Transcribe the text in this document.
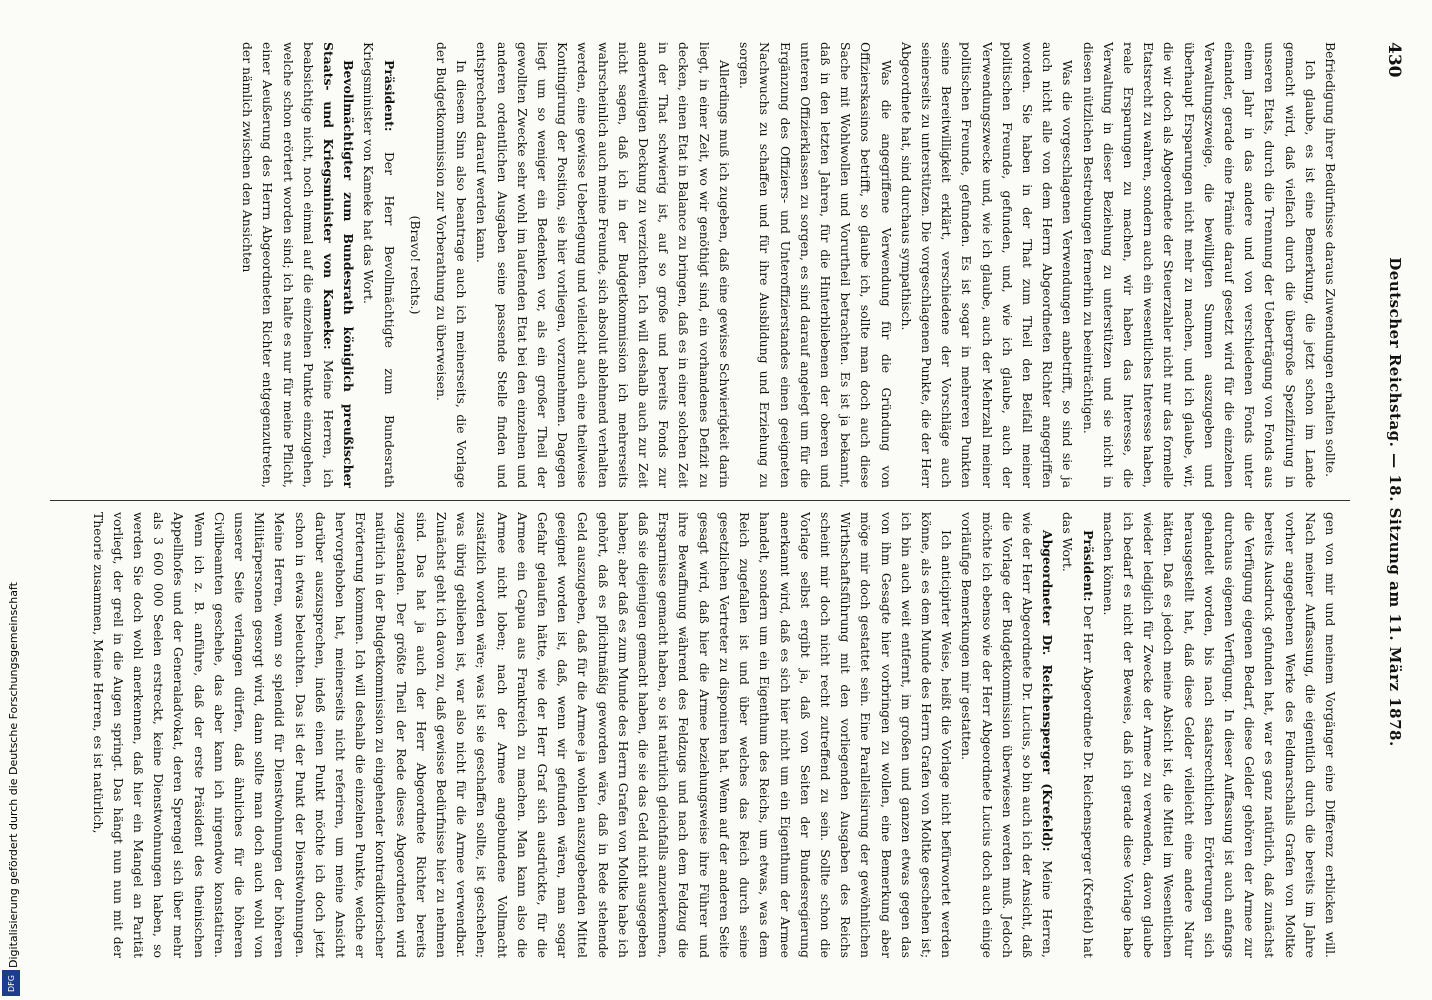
430
Deutscher Reichstag. — 18. Sitzung am 11. März 1878.

Befriedigung ihrer Bedürfnisse daraus Zuwendungen erhalten sollte.

Ich glaube, es ist eine Bemerkung, die jetzt schon im Lande gemacht wird, daß vielfach durch die übergroße Spezifizirung in unseren Etats, durch die Trennung der Ueberträgung von Fonds aus einem Jahr in das andere und von verschiedenen Fonds unter einander, gerade eine Prämie darauf gesetzt wird für die einzelnen Verwaltungszweige, die bewilligten Summen auszugeben und überhaupt Ersparungen nicht mehr zu machen, und ich glaube, wir, die wir doch als Abgeordnete der Steuerzahler nicht nur das formelle Etatsrecht zu wahren, sondern auch ein wesentliches Interesse haben, reale Ersparungen zu machen, wir haben das Interesse, die Verwaltung in dieser Beziehung zu unterstützen und sie nicht in diesen nützlichen Bestrebungen fernerhin zu beeinträchtigen.

Was die vorgeschlagenen Verwendungen anbetrifft, so sind sie ja auch nicht alle von dem Herrn Abgeordneten Richter angegriffen worden. Sie haben in der That zum Theil den Beifall meiner politischen Freunde, gefunden, und, wie ich glaube, auch der Verwendungszwecke und, wie ich glaube, auch der Mehrzahl meiner politischen Freunde, gefunden. Es ist sogar in mehreren Punkten seine Bereitwilligkeit erklärt, verschiedene der Vorschläge auch seinerseits zu unterstützen. Die vorgeschlagenen Punkte, die der Herr Abgeordnete hat, sind durchaus sympathisch.

Was die angegriffene Verwendung für die Gründung von Offizierskasinos betrifft, so glaube ich, sollte man doch auch diese Sache mit Wohlwollen und Vorurtheil betrachten. Es ist ja bekannt, daß in den letzten Jahren, für die Hinterbliebenen der oberen und unteren Offizierklassen zu sorgen, es sind darauf angelegt um für die Ergänzung des Offiziers- und Unteroffizierstandes einen geeigneten Nachwuchs zu schaffen und für ihre Ausbildung und Erziehung zu sorgen.

Allerdings muß ich zugeben, daß eine gewisse Schwierigkeit darin liegt, in einer Zeit, wo wir genöthigt sind, ein vorhandenes Defizit zu decken, einen Etat in Balance zu bringen, daß es in einer solchen Zeit in der That schwierig ist, auf so große und bereits Fonds zur anderweitigen Deckung zu verzichten. Ich will deshalb auch zur Zeit nicht sagen, daß ich in der Budgetkommission ich mehrerseits wahrscheinlich auch meine Freunde, sich absolut ablehnend verhalten werden, eine gewisse Ueberlegung und vielleicht auch eine theilweise Kontingirung der Position, sie hier vorliegen, vorzunehmen. Dagegen liegt um so weniger ein Bedenken vor, als ein großer Theil der gewollten Zwecke sehr wohl im laufenden Etat bei den einzelnen und anderen ordentlichen Ausgaben seine passende Stelle finden und entsprechend darauf werden kann.

In diesem Sinn also beantrage auch ich meinerseits, die Vorlage der Budgetkommission zur Vorberathung zu überweisen.

(Bravo! rechts.)

Präsident: Der Herr Bevollmächtigte zum Bundesrath Kriegsminister von Kameke hat das Wort.

Bevollmächtigter zum Bundesrath königlich preußischer Staats- und Kriegsminister von Kameke: Meine Herren, ich beabsichtige nicht, noch einmal auf die einzelnen Punkte einzugehen, welche schon erörtert worden sind; ich halte es nur für meine Pflicht, einer Aeußerung des Herrn Abgeordneten Richter entgegenzutreten, der nämlich zwischen den Ansichten

gen von mir und meinem Vorgänger eine Differenz erblicken will. Nach meiner Auffassung, die eigentlich durch die bereits im Jahre vorher angegebenen Werke des Feldmarschalls Grafen von Moltke bereits Ausdruck gefunden hat, war es ganz natürlich, daß zunächst die Verfügung eigenen Bedarf, diese Gelder gehören der Armee zur durchaus eigenen Verfügung. In dieser Auffassung ist auch anfangs gehandelt worden, bis nach staatsrechtlichen Erörterungen sich herausgestellt hat, daß diese Gelder vielleicht eine andere Natur hätten. Daß es jedoch meine Absicht ist, die Mittel im Wesentlichen wieder lediglich für Zwecke der Armee zu verwenden, davon glaube ich bedarf es nicht der Beweise, daß ich gerade diese Vorlage habe machen können.

Präsident: Der Herr Abgeordnete Dr. Reichensperger (Krefeld) hat das Wort.

Abgeordneter Dr. Reichensperger (Krefeld): Meine Herren, wie der Herr Abgeordnete Dr. Lucius, so bin auch ich der Ansicht, daß die Vorlage der Budgetkommission überwiesen werden muß. Jedoch möchte ich ebenso wie der Herr Abgeordnete Lucius doch auch einige vorläufige Bemerkungen mir gestatten.

Ich anticipirter Weise, heißt die Vorlage nicht befürwortet werden könne, als es dem Munde des Herrn Grafen von Moltke geschehen ist; ich bin auch weit entfernt, im großen und ganzen etwas gegen das von ihm Gesagte hier vorbringen zu wollen, eine Bemerkung aber möge mir doch gestattet sein. Eine Parallelisirung der gewöhnlichen Wirthschaftsführung mit den vorliegenden Ausgaben des Reichs scheint mir doch nicht recht zutreffend zu sein. Sollte schon die Vorlage selbst ergibt ja, daß von Seiten der Bundesregierung anerkannt wird, daß es sich hier nicht um ein Eigenthum der Armee handelt, sondern um ein Eigenthum des Reichs, um etwas, was dem Reich zugefallen ist und über welches das Reich durch seine gesetzlichen Vertreter zu disponiren hat. Wenn auf der anderen Seite gesagt wird, daß hier die Armee beziehungsweise ihre Führer und ihre Bewaffnung während des Feldzugs und nach dem Feldzug die Ersparnisse gemacht haben, so ist natürlich gleichfalls anzuerkennen, daß sie diejenigen gemacht haben, die sie das Geld nicht ausgegeben haben; aber daß es zum Munde des Herrn Grafen von Moltke habe ich gehört, daß es pflichtmäßig geworden wäre, daß in Rede stehende Geld auszugeben, daß für die Armee ja wohlen auszugebenden Mittel geeignet worden ist, daß, wenn wir gefunden wären, man sogar Gefahr gelaufen hätte, wie der Herr Graf sich ausdrückte, für die Armee ein Capua aus Frankreich zu machen. Man kann also die Armee nicht loben; nach der Armee angebundene Vollmacht zusätzlich worden wäre; was ist sie geschaffen sollte, ist geschehen; was übrig geblieben ist, war also nicht für die Armee verwendbar. Zunächst geht ich davon zu, daß gewisse Bedürfnisse hier zu nehmen sind. Das hat ja auch der Herr Abgeordnete Richter bereits zugestanden. Der größte Theil der Rede dieses Abgeordneten wird natürlich in der Budgetkommission zu eingehender kontradiktorischer Erörterung kommen. Ich will deshalb die einzelnen Punkte, welche er hervorgehoben hat, meinerseits nicht referiren, um meine Ansicht darüber auszusprechen, indeß einen Punkt möchte ich doch jetzt schon in etwas beleuchten. Das ist der Punkt der Dienstwohnungen. Meine Herren, wenn so splendid für Dienstwohnungen der höheren Militärpersonen gesorgt wird, dann sollte man doch auch wohl von unserer Seite verlangen dürfen, daß ähnliches für die höheren Civilbeamten geschehe, das aber kann ich nirgendwo konstatiren. Wenn ich z. B. anführe, daß der erste Präsident des theinischen Appellhofes und der Generaladvokat, deren Sprengel sich über mehr als 3 600 000 Seelen erstreckt, keine Dienstwohnungen haben, so werden Sie doch wohl anerkennen, daß hier ein Mangel an Parität vorliegt, der grell in die Augen springt. Das hängt nun nun mit der Theorie zusammen, Meine Herren, es ist natürlich,

Digitalisierung gefördert durch die Deutsche Forschungsgemeinschaft
DFG
